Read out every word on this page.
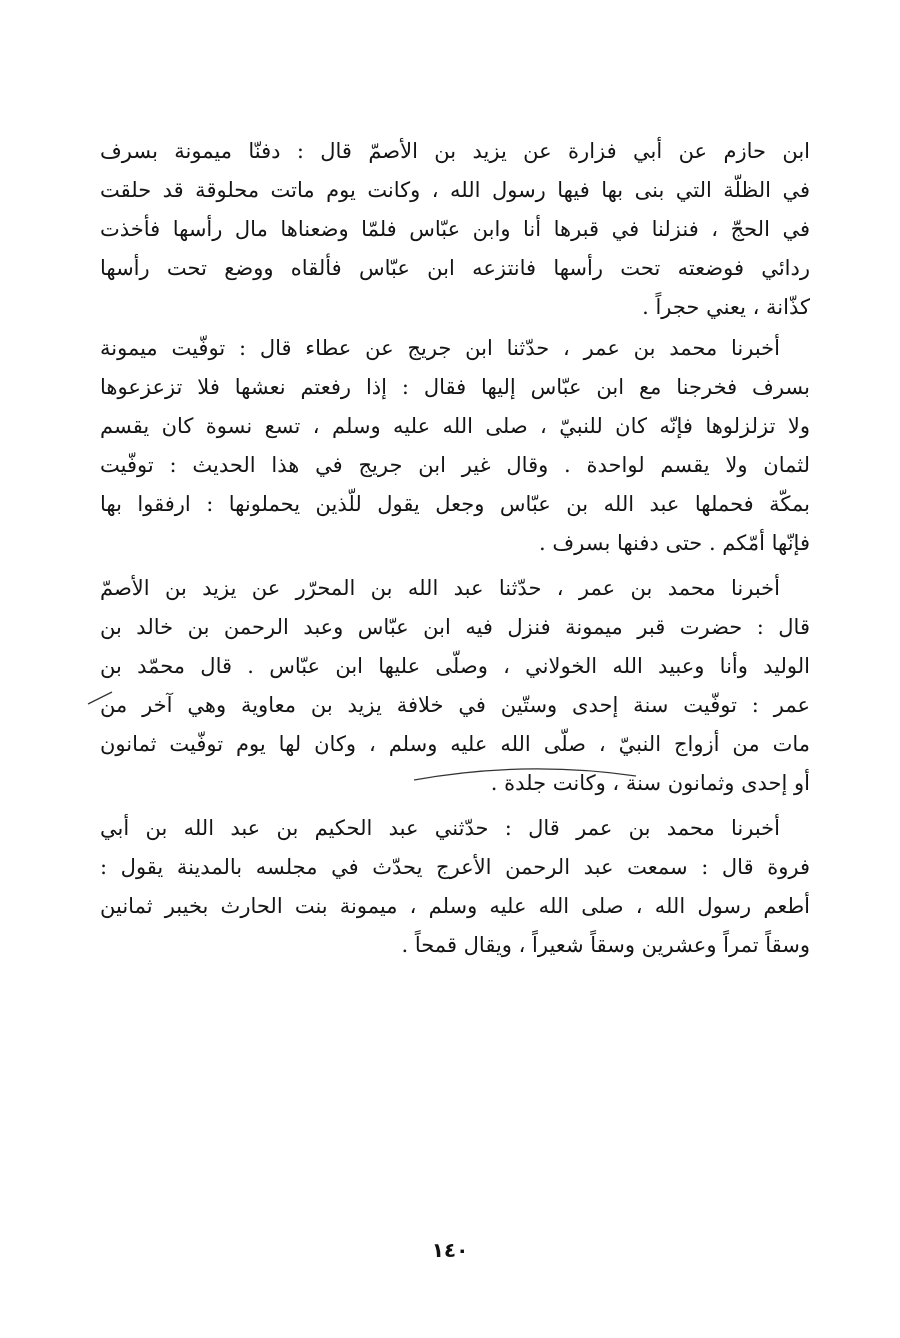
ابن حازم عن أبي فزارة عن يزيد بن الأصمّ قال : دفنّا ميمونة بسرف
في الظلّة التي بنى بها فيها رسول الله ، وكانت يوم ماتت محلوقة قد حلقت
في الحجّ ، فنزلنا في قبرها أنا وابن عبّاس فلمّا وضعناها مال رأسها فأخذت
ردائي فوضعته تحت رأسها فانتزعه ابن عبّاس فألقاه ووضع تحت رأسها
كذّانة ، يعني حجراً .
أخبرنا محمد بن عمر ، حدّثنا ابن جريج عن عطاء قال : توفّيت ميمونة
بسرف فخرجنا مع ابن عبّاس إليها فقال : إذا رفعتم نعشها فلا تزعزعوها
ولا تزلزلوها فإنّه كان للنبيّ ، صلى الله عليه وسلم ، تسع نسوة كان يقسم
لثمان ولا يقسم لواحدة . وقال غير ابن جريج في هذا الحديث : توفّيت
بمكّة فحملها عبد الله بن عبّاس وجعل يقول للّذين يحملونها : ارفقوا بها
فإنّها أمّكم . حتى دفنها بسرف .
أخبرنا محمد بن عمر ، حدّثنا عبد الله بن المحرّر عن يزيد بن الأصمّ
قال : حضرت قبر ميمونة فنزل فيه ابن عبّاس وعبد الرحمن بن خالد بن
الوليد وأنا وعبيد الله الخولاني ، وصلّى عليها ابن عبّاس . قال محمّد بن
عمر : توفّيت سنة إحدى وستّين في خلافة يزيد بن معاوية وهي آخر من
مات من أزواج النبيّ ، صلّى الله عليه وسلم ، وكان لها يوم توفّيت ثمانون
أو إحدى وثمانون سنة ، وكانت جلدة .
أخبرنا محمد بن عمر قال : حدّثني عبد الحكيم بن عبد الله بن أبي
فروة قال : سمعت عبد الرحمن الأعرج يحدّث في مجلسه بالمدينة يقول :
أطعم رسول الله ، صلى الله عليه وسلم ، ميمونة بنت الحارث بخيبر ثمانين
وسقاً تمراً وعشرين وسقاً شعيراً ، ويقال قمحاً .
١٤٠
